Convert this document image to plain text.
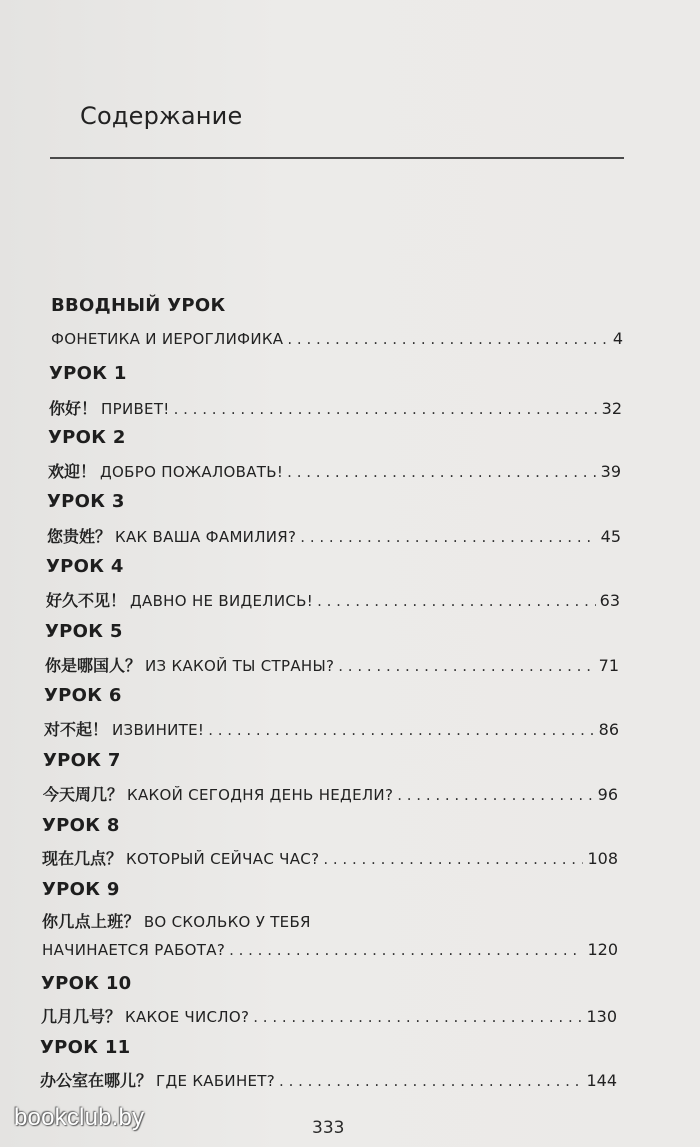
Содержание
ВВОДНЫЙ УРОК
ФОНЕТИКА И ИЕРОГЛИФИКА . . .	4
УРОК 1
你好！ ПРИВЕТ! . . .	32
УРОК 2
欢迎！ ДОБРО ПОЖАЛОВАТЬ! . . .	39
УРОК 3
您贵姓？ КАК ВАША ФАМИЛИЯ? . . .	45
УРОК 4
好久不见！ ДАВНО НЕ ВИДЕЛИСЬ! . . .	63
УРОК 5
你是哪国人？ ИЗ КАКОЙ ТЫ СТРАНЫ? . . .	71
УРОК 6
对不起！ ИЗВИНИТЕ! . . .	86
УРОК 7
今天周几？ КАКОЙ СЕГОДНЯ ДЕНЬ НЕДЕЛИ? . . .	96
УРОК 8
现在几点？ КОТОРЫЙ СЕЙЧАС ЧАС? . . .	108
УРОК 9
你几点上班？ ВО СКОЛЬКО У ТЕБЯ
НАЧИНАЕТСЯ РАБОТА? . . .	120
УРОК 10
几月几号？ КАКОЕ ЧИСЛО? . . .	130
УРОК 11
办公室在哪儿？ ГДЕ КАБИНЕТ? . . .	144
bookclub.by	333
